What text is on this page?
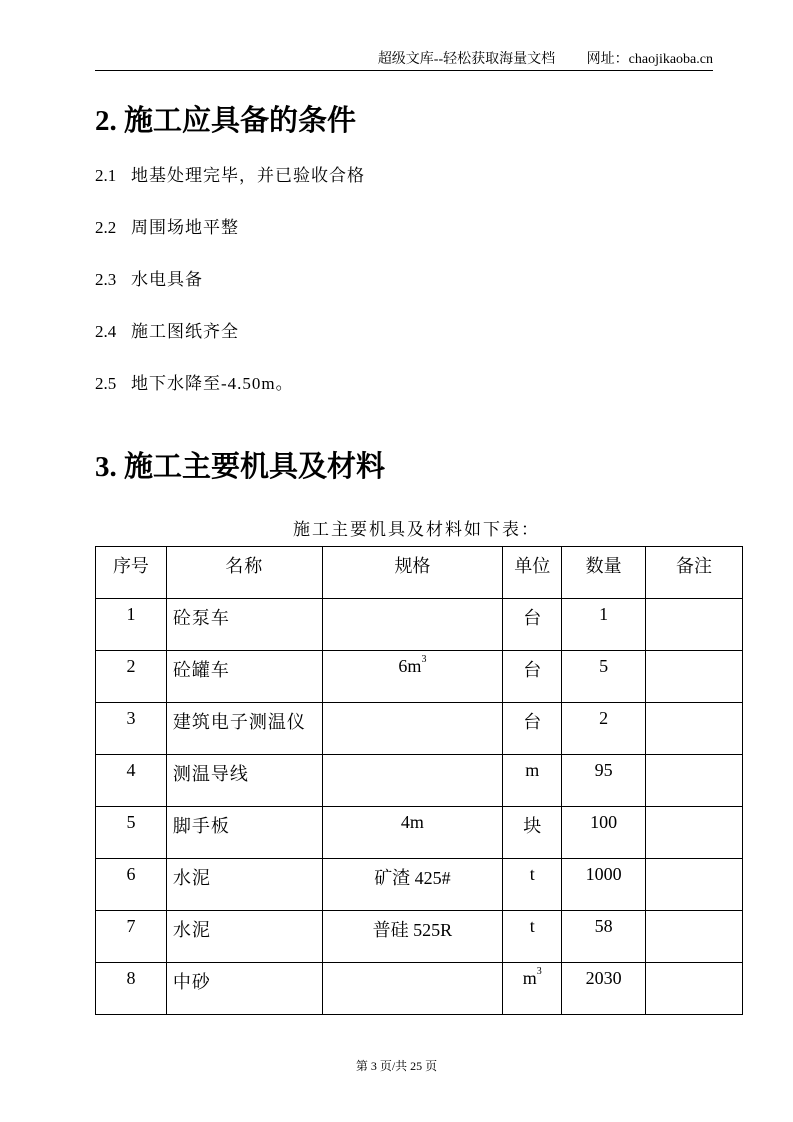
超级文库--轻松获取海量文档 网址：chaojikaoba.cn
2. 施工应具备的条件
2.1 地基处理完毕，并已验收合格
2.2 周围场地平整
2.3 水电具备
2.4 施工图纸齐全
2.5 地下水降至-4.50m。
3. 施工主要机具及材料
施工主要机具及材料如下表：
序号	名称	规格	单位	数量	备注
1	砼泵车		台	1	
2	砼罐车	$6m^3$	台	5	
3	建筑电子测温仪		台	2	
4	测温导线		m	95	
5	脚手板	4m	块	100	
6	水泥	矿渣 425#	t	1000	
7	水泥	普硅 525R	t	58	
8	中砂		$m^3$	2030	
第 3 页/共 25 页
